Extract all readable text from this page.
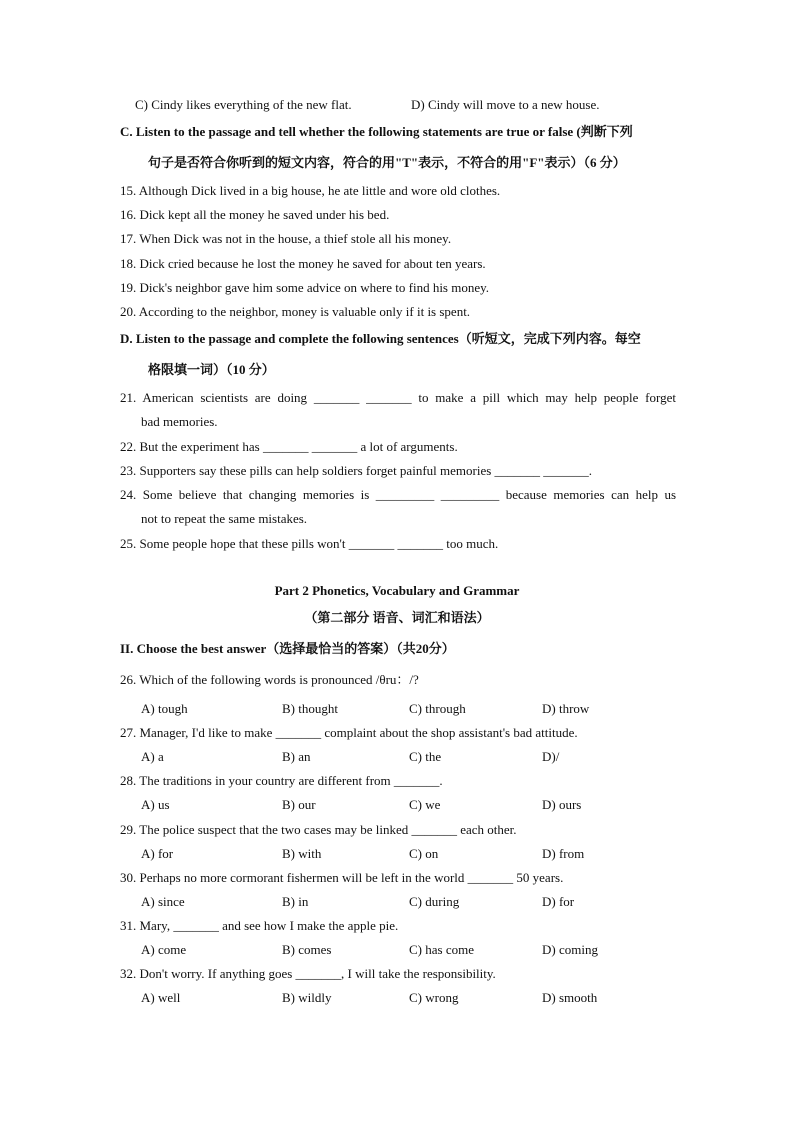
C) Cindy likes everything of the new flat.	D) Cindy will move to a new house.
C. Listen to the passage and tell whether the following statements are true or false (判断下列
句子是否符合你听到的短文内容，符合的用"T"表示，不符合的用"F"表示）（6 分）
15. Although Dick lived in a big house, he ate little and wore old clothes.
16. Dick kept all the money he saved under his bed.
17. When Dick was not in the house, a thief stole all his money.
18. Dick cried because he lost the money he saved for about ten years.
19. Dick's neighbor gave him some advice on where to find his money.
20. According to the neighbor, money is valuable only if it is spent.
D. Listen to the passage and complete the following sentences（听短文，完成下列内容。每空
格限填一词）（10 分）
21. American scientists are doing _______ _______ to make a pill which may help people forget
bad memories.
22. But the experiment has _______ _______ a lot of arguments.
23. Supporters say these pills can help soldiers forget painful memories _______ _______.
24. Some believe that changing memories is _________ _________ because memories can help us
not to repeat the same mistakes.
25. Some people hope that these pills won't _______ _______ too much.
Part 2 Phonetics, Vocabulary and Grammar
（第二部分 语音、词汇和语法）
II. Choose the best answer（选择最恰当的答案）（共20分）
26. Which of the following words is pronounced /θru：/?
A) tough	B) thought	C) through	D) throw
27. Manager, I'd like to make _______ complaint about the shop assistant's bad attitude.
A) a	B) an	C) the	D)/
28. The traditions in your country are different from _______.
A) us	B) our	C) we	D) ours
29. The police suspect that the two cases may be linked _______ each other.
A) for	B) with	C) on	D) from
30. Perhaps no more cormorant fishermen will be left in the world _______ 50 years.
A) since	B) in	C) during	D) for
31. Mary, _______ and see how I make the apple pie.
A) come	B) comes	C) has come	D) coming
32. Don't worry. If anything goes _______, I will take the responsibility.
A) well	B) wildly	C) wrong	D) smooth
